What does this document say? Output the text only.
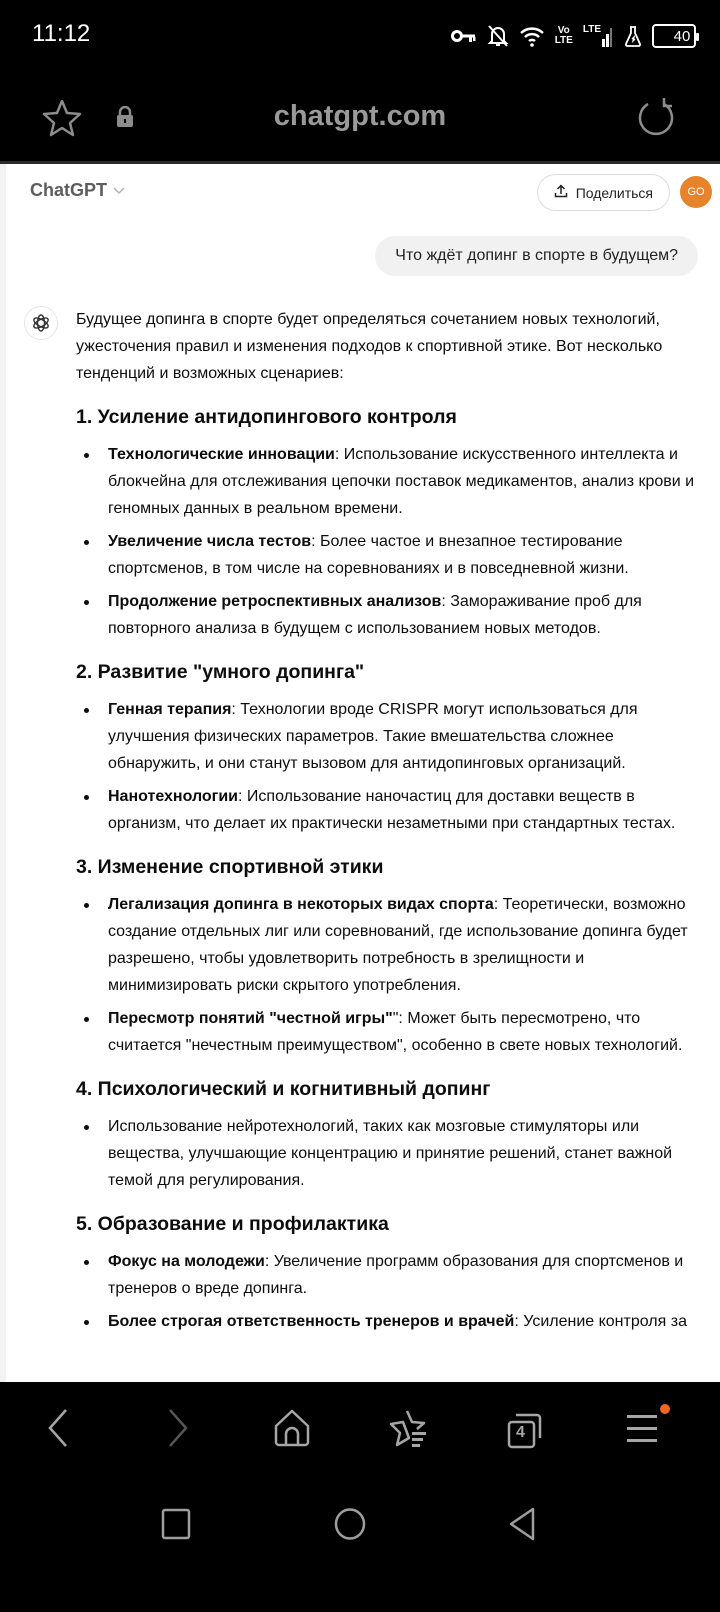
11:12	Vo
LTE
LTE	40
chatgpt.com
ChatGPT	Поделиться	GO
Что ждёт допинг в спорте в будущем?

Будущее допинга в спорте будет определяться сочетанием новых технологий, ужесточения правил и изменения подходов к спортивной этике. Вот несколько тенденций и возможных сценариев:

1. Усиление антидопингового контроля
Технологические инновации: Использование искусственного интеллекта и блокчейна для отслеживания цепочки поставок медикаментов, анализ крови и геномных данных в реальном времени.
Увеличение числа тестов: Более частое и внезапное тестирование спортсменов, в том числе на соревнованиях и в повседневной жизни.
Продолжение ретроспективных анализов: Замораживание проб для повторного анализа в будущем с использованием новых методов.
2. Развитие "умного допинга"
Генная терапия: Технологии вроде CRISPR могут использоваться для улучшения физических параметров. Такие вмешательства сложнее обнаружить, и они станут вызовом для антидопинговых организаций.
Нанотехнологии: Использование наночастиц для доставки веществ в организм, что делает их практически незаметными при стандартных тестах.
3. Изменение спортивной этики
Легализация допинга в некоторых видах спорта: Теоретически, возможно создание отдельных лиг или соревнований, где использование допинга будет разрешено, чтобы удовлетворить потребность в зрелищности и минимизировать риски скрытого употребления.
Пересмотр понятий "честной игры"": Может быть пересмотрено, что считается "нечестным преимуществом", особенно в свете новых технологий.
4. Психологический и когнитивный допинг
Использование нейротехнологий, таких как мозговые стимуляторы или вещества, улучшающие концентрацию и принятие решений, станет важной темой для регулирования.
5. Образование и профилактика
Фокус на молодежи: Увеличение программ образования для спортсменов и тренеров о вреде допинга.
Более строгая ответственность тренеров и врачей: Усиление контроля за
4
